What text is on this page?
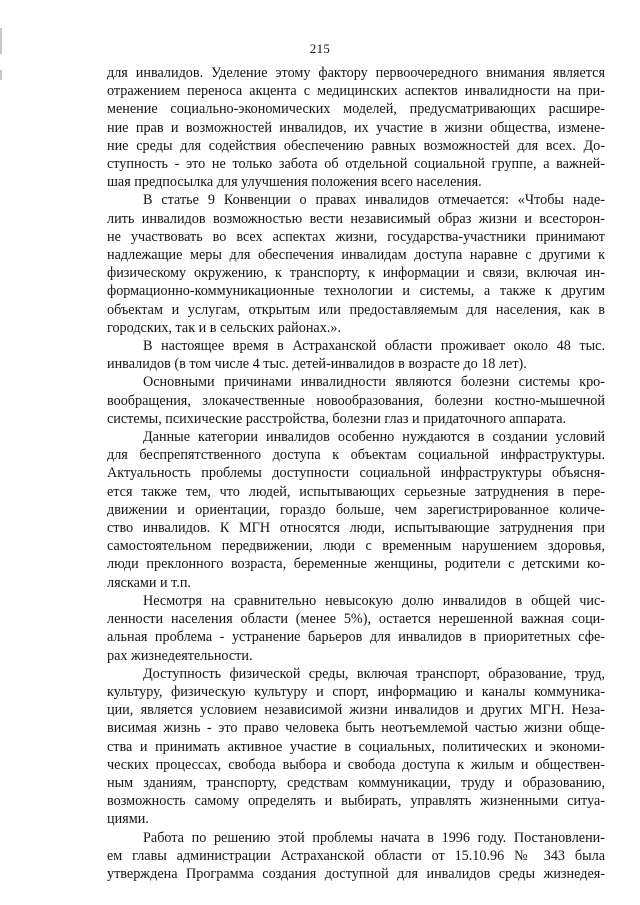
215

для инвалидов. Уделение этому фактору первоочередного внимания является

отражением переноса акцента с медицинских аспектов инвалидности на при-

менение социально-экономических моделей, предусматривающих расшире-

ние прав и возможностей инвалидов, их участие в жизни общества, измене-

ние среды для содействия обеспечению равных возможностей для всех. До-

ступность - это не только забота об отдельной социальной группе, а важней-

шая предпосылка для улучшения положения всего населения.

В статье 9 Конвенции о правах инвалидов отмечается: «Чтобы наде-

лить инвалидов возможностью вести независимый образ жизни и всесторон-

не участвовать во всех аспектах жизни, государства-участники принимают

надлежащие меры для обеспечения инвалидам доступа наравне с другими к

физическому окружению, к транспорту, к информации и связи, включая ин-

формационно-коммуникационные технологии и системы, а также к другим

объектам и услугам, открытым или предоставляемым для населения, как в

городских, так и в сельских районах.».

В настоящее время в Астраханской области проживает около 48 тыс.

инвалидов (в том числе 4 тыс. детей-инвалидов в возрасте до 18 лет).

Основными причинами инвалидности являются болезни системы кро-

вообращения, злокачественные новообразования, болезни костно-мышечной

системы, психические расстройства, болезни глаз и придаточного аппарата.

Данные категории инвалидов особенно нуждаются в создании условий

для беспрепятственного доступа к объектам социальной инфраструктуры.

Актуальность проблемы доступности социальной инфраструктуры объясня-

ется также тем, что людей, испытывающих серьезные затруднения в пере-

движении и ориентации, гораздо больше, чем зарегистрированное количе-

ство инвалидов. К МГН относятся люди, испытывающие затруднения при

самостоятельном передвижении, люди с временным нарушением здоровья,

люди преклонного возраста, беременные женщины, родители с детскими ко-

лясками и т.п.

Несмотря на сравнительно невысокую долю инвалидов в общей чис-

ленности населения области (менее 5%), остается нерешенной важная соци-

альная проблема - устранение барьеров для инвалидов в приоритетных сфе-

рах жизнедеятельности.

Доступность физической среды, включая транспорт, образование, труд,

культуру, физическую культуру и спорт, информацию и каналы коммуника-

ции, является условием независимой жизни инвалидов и других МГН. Неза-

висимая жизнь - это право человека быть неотъемлемой частью жизни обще-

ства и принимать активное участие в социальных, политических и экономи-

ческих процессах, свобода выбора и свобода доступа к жилым и обществен-

ным зданиям, транспорту, средствам коммуникации, труду и образованию,

возможность самому определять и выбирать, управлять жизненными ситуа-

циями.

Работа по решению этой проблемы начата в 1996 году. Постановлени-

ем главы администрации Астраханской области от 15.10.96 № 343 была

утверждена Программа создания доступной для инвалидов среды жизнедея-
